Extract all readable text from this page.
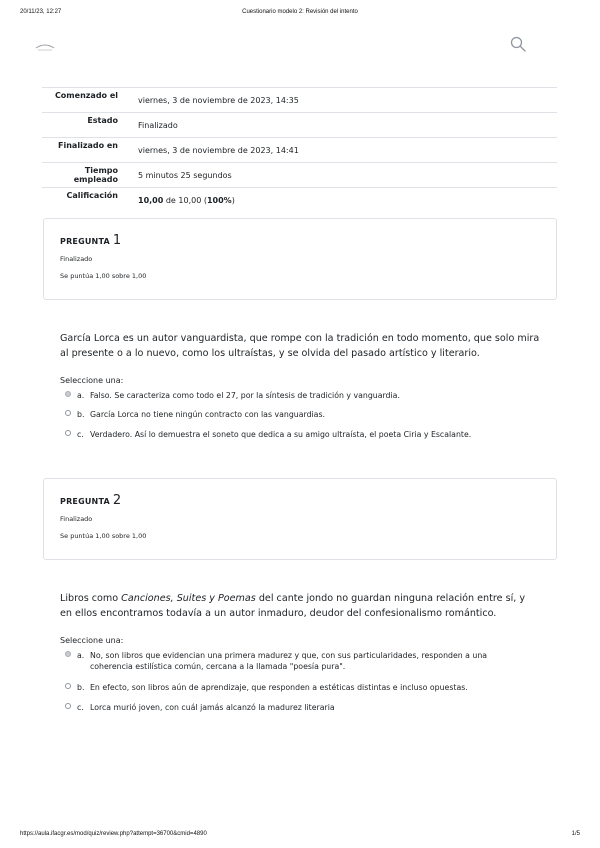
20/11/23, 12:27	Cuestionario modelo 2: Revisión del intento
Comenzado el	viernes, 3 de noviembre de 2023, 14:35
Estado	Finalizado
Finalizado en	viernes, 3 de noviembre de 2023, 14:41
Tiempo empleado	5 minutos 25 segundos
Calificación	10,00 de 10,00 (100%)
PREGUNTA 1
Finalizado
Se puntúa 1,00 sobre 1,00
García Lorca es un autor vanguardista, que rompe con la tradición en todo momento, que solo mira al presente o a lo nuevo, como los ultraístas, y se olvida del pasado artístico y literario.
Seleccione una:
a. Falso. Se caracteriza como todo el 27, por la síntesis de tradición y vanguardia.
b. García Lorca no tiene ningún contracto con las vanguardias.
c. Verdadero. Así lo demuestra el soneto que dedica a su amigo ultraísta, el poeta Ciria y Escalante.
PREGUNTA 2
Finalizado
Se puntúa 1,00 sobre 1,00
Libros como Canciones, Suites y Poemas del cante jondo no guardan ninguna relación entre sí, y en ellos encontramos todavía a un autor inmaduro, deudor del confesionalismo romántico.
Seleccione una:
a. No, son libros que evidencian una primera madurez y que, con sus particularidades, responden a una coherencia estilística común, cercana a la llamada "poesía pura".
b. En efecto, son libros aún de aprendizaje, que responden a estéticas distintas e incluso opuestas.
c. Lorca murió joven, con cuál jamás alcanzó la madurez literaria
https://aula.ifacgr.es/mod/quiz/review.php?attempt=36700&cmid=4890	1/5
